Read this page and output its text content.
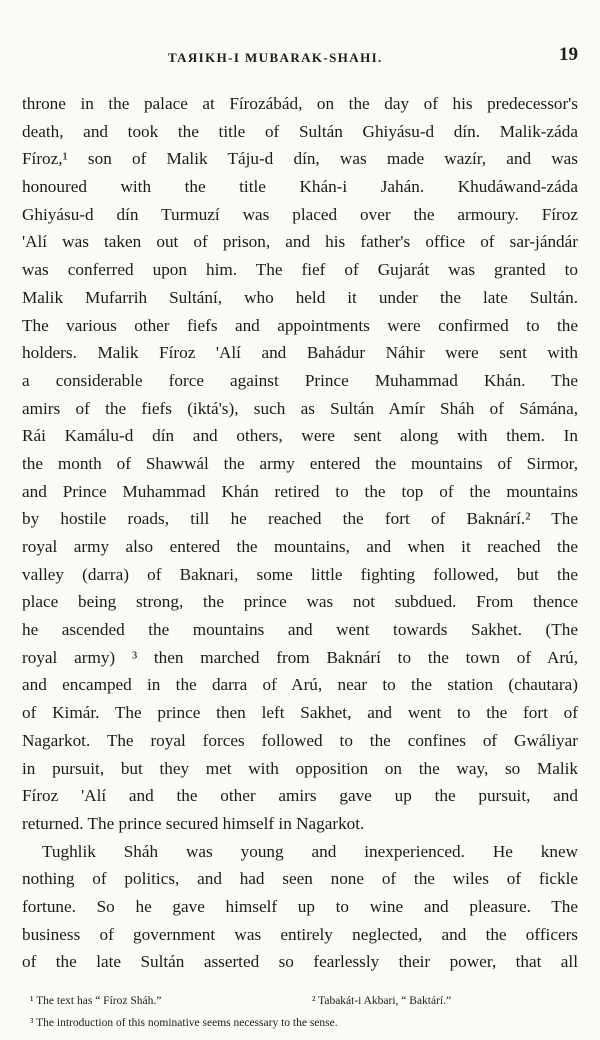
TAЯІKH-I MUBARAK-SHAHI.	19
throne in the palace at Fírozábád, on the day of his predecessor's
death, and took the title of Sultán Ghiyásu-d dín. Malik-záda
Fíroz,¹ son of Malik Táju-d dín, was made wazír, and was
honoured with the title Khán-i Jahán. Khudáwand-záda
Ghiyásu-d dín Turmuzí was placed over the armoury. Fíroz
'Alí was taken out of prison, and his father's office of sar-jándár
was conferred upon him. The fief of Gujarát was granted to
Malik Mufarrih Sultání, who held it under the late Sultán.
The various other fiefs and appointments were confirmed to the
holders. Malik Fíroz 'Alí and Bahádur Náhir were sent with
a considerable force against Prince Muhammad Khán. The
amirs of the fiefs (iktá's), such as Sultán Amír Sháh of Sámána,
Rái Kamálu-d dín and others, were sent along with them. In
the month of Shawwál the army entered the mountains of Sirmor,
and Prince Muhammad Khán retired to the top of the mountains
by hostile roads, till he reached the fort of Baknárí.² The
royal army also entered the mountains, and when it reached the
valley (darra) of Baknari, some little fighting followed, but the
place being strong, the prince was not subdued. From thence
he ascended the mountains and went towards Sakhet. (The
royal army) ³ then marched from Baknárí to the town of Arú,
and encamped in the darra of Arú, near to the station (chautara)
of Kimár. The prince then left Sakhet, and went to the fort of
Nagarkot. The royal forces followed to the confines of Gwáliyar
in pursuit, but they met with opposition on the way, so Malik
Fíroz 'Alí and the other amirs gave up the pursuit, and
returned. The prince secured himself in Nagarkot.
Tughlik Sháh was young and inexperienced. He knew
nothing of politics, and had seen none of the wiles of fickle
fortune. So he gave himself up to wine and pleasure. The
business of government was entirely neglected, and the officers
of the late Sultán asserted so fearlessly their power, that all
¹ The text has “ Fíroz Sháh.”	² Tabakát-i Akbari, “ Baktárí.”
³ The introduction of this nominative seems necessary to the sense.
